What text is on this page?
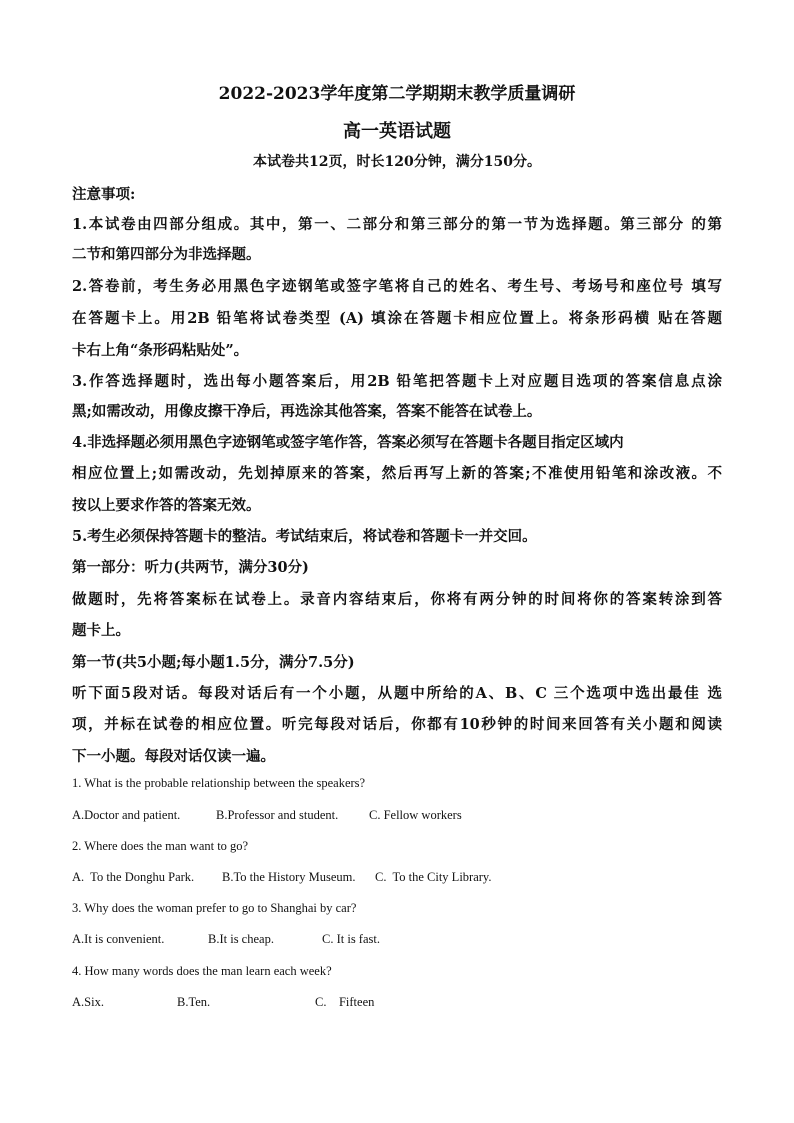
2022-2023学年度第二学期期末教学质量调研
高一英语试题
本试卷共12页，时长120分钟，满分150分。
注意事项:
1.本试卷由四部分组成。其中，第一、二部分和第三部分的第一节为选择题。第三部分 的第
二节和第四部分为非选择题。
2.答卷前，考生务必用黑色字迹钢笔或签字笔将自己的姓名、考生号、考场号和座位号 填写
在答题卡上。用2B 铅笔将试卷类型 (A) 填涂在答题卡相应位置上。将条形码横 贴在答题
卡右上角“条形码粘贴处”。
3.作答选择题时，选出每小题答案后，用2B 铅笔把答题卡上对应题目选项的答案信息点涂
黑;如需改动，用像皮擦干净后，再选涂其他答案，答案不能答在试卷上。
4.非选择题必须用黑色字迹钢笔或签字笔作答，答案必须写在答题卡各题目指定区域内
相应位置上;如需改动，先划掉原来的答案，然后再写上新的答案;不准使用铅笔和涂改液。不
按以上要求作答的答案无效。
5.考生必须保持答题卡的整洁。考试结束后，将试卷和答题卡一并交回。
第一部分：听力(共两节，满分30分)
做题时，先将答案标在试卷上。录音内容结束后，你将有两分钟的时间将你的答案转涂到答
题卡上。
第一节(共5小题;每小题1.5分，满分7.5分)
听下面5段对话。每段对话后有一个小题，从题中所给的A、B、C 三个选项中选出最佳 选
项，并标在试卷的相应位置。听完每段对话后，你都有10秒钟的时间来回答有关小题和阅读
下一小题。每段对话仅读一遍。
1. What is the probable relationship between the speakers?
A.Doctor and patient.	B.Professor and student. C. Fellow workers
2. Where does the man want to go?
A.  To the Donghu Park. B.To the History Museum. C.  To the City Library.
3. Why does the woman prefer to go to Shanghai by car?
A.It is convenient.	B.It is cheap.	C. It is fast.
4. How many words does the man learn each week?
A.Six.	B.Ten.	C.    Fifteen
